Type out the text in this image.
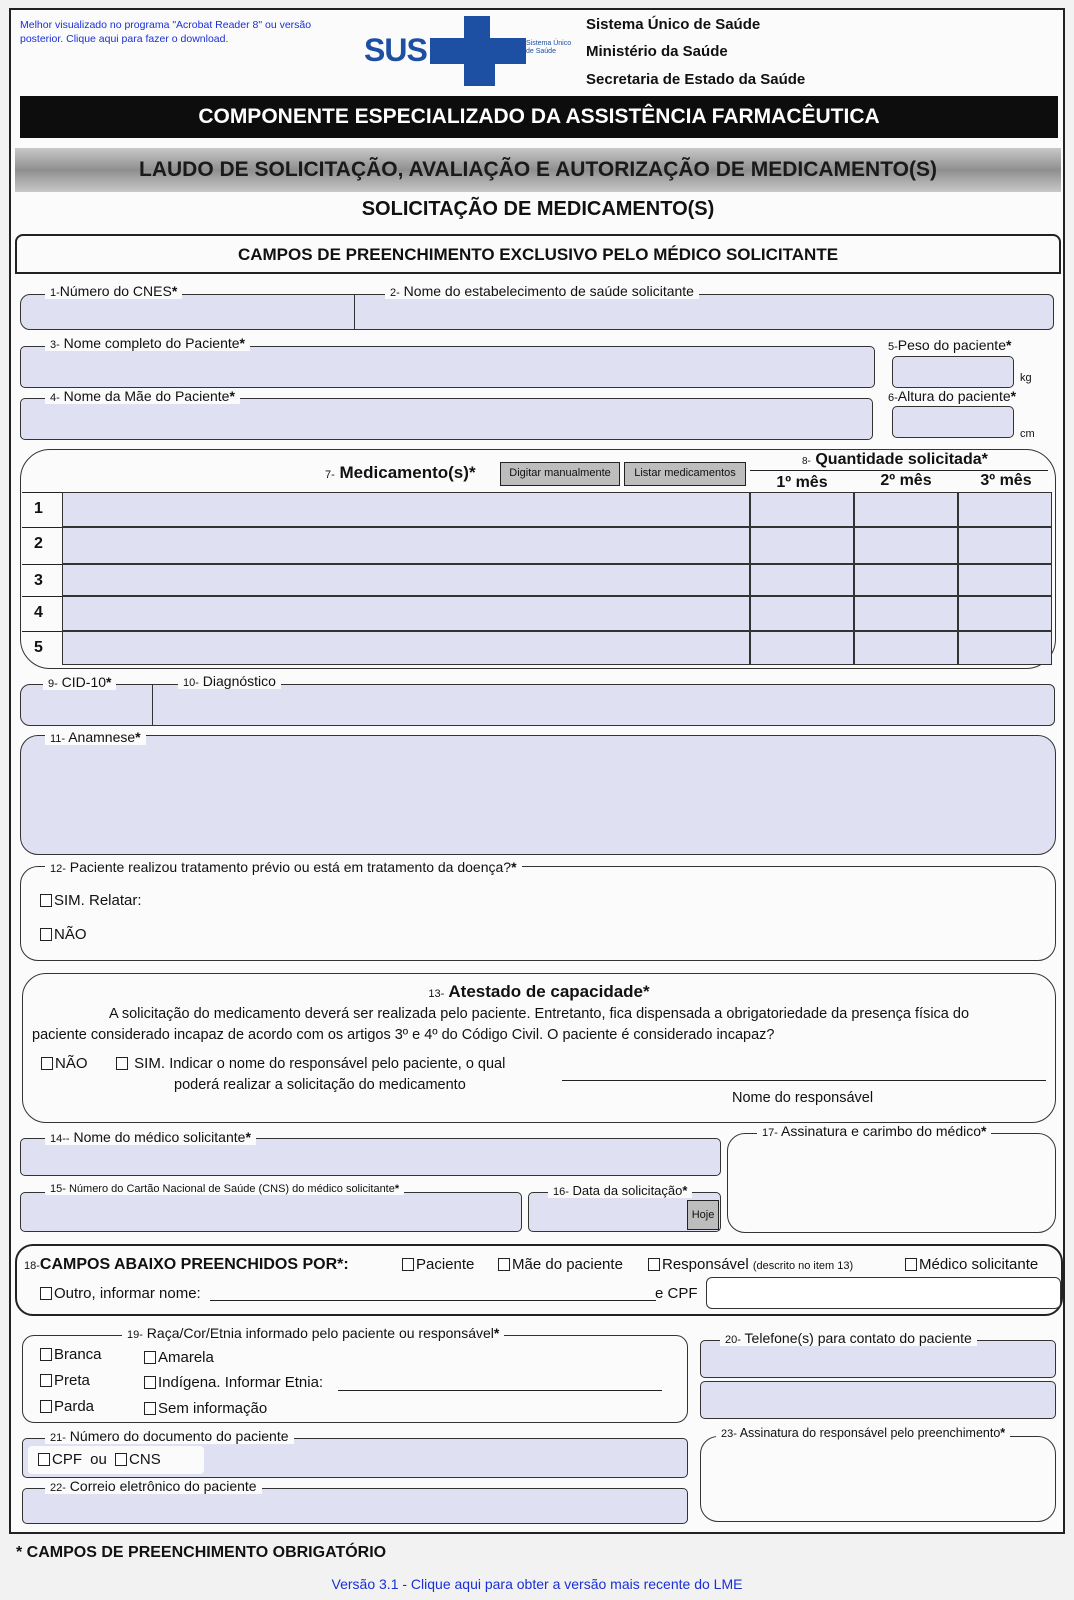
Melhor visualizado no programa "Acrobat Reader 8" ou versão posterior. Clique aqui para fazer o download.	SUS	Sistema Único de Saúde
Sistema Único de Saúde
Ministério da Saúde
Secretaria de Estado da Saúde
COMPONENTE ESPECIALIZADO DA ASSISTÊNCIA FARMACÊUTICA
LAUDO DE SOLICITAÇÃO, AVALIAÇÃO E AUTORIZAÇÃO DE MEDICAMENTO(S)
SOLICITAÇÃO DE MEDICAMENTO(S)
CAMPOS DE PREENCHIMENTO EXCLUSIVO PELO MÉDICO SOLICITANTE
1-Número do CNES*	2- Nome do estabelecimento de saúde solicitante
3- Nome completo do Paciente*	5-Peso do paciente*
kg
4- Nome da Mãe do Paciente*	6-Altura do paciente*
cm
7- Medicamento(s)*	Digitar manualmente	Listar medicamentos
8- Quantidade solicitada*
1º mês	2º mês	3º mês
1
2
3
4
5
9- CID-10*	10- Diagnóstico
11- Anamnese*
12- Paciente realizou tratamento prévio ou está em tratamento da doença?*
SIM. Relatar:
NÃO
13- Atestado de capacidade*
A solicitação do medicamento deverá ser realizada pelo paciente. Entretanto, fica dispensada a obrigatoriedade da presença física do
paciente considerado incapaz de acordo com os artigos 3º e 4º do Código Civil. O paciente é considerado incapaz?
NÃO	SIM. Indicar o nome do responsável pelo paciente, o qual
poderá realizar a solicitação do medicamento
Nome do responsável
14-- Nome do médico solicitante*	17- Assinatura e carimbo do médico*
15- Número do Cartão Nacional de Saúde (CNS) do médico solicitante*	16- Data da solicitação*
Hoje
18-CAMPOS ABAIXO PREENCHIDOS POR*:	Paciente	Mãe do paciente	Responsável (descrito no item 13)	Médico solicitante
Outro, informar nome:	e CPF
19- Raça/Cor/Etnia informado pelo paciente ou responsável*
Branca
Preta
Parda
Amarela
Indígena. Informar Etnia:
Sem informação
20- Telefone(s) para contato do paciente
21- Número do documento do paciente
CPF ou CNS
23- Assinatura do responsável pelo preenchimento*
22- Correio eletrônico do paciente
* CAMPOS DE PREENCHIMENTO OBRIGATÓRIO
Versão 3.1 - Clique aqui para obter a versão mais recente do LME
